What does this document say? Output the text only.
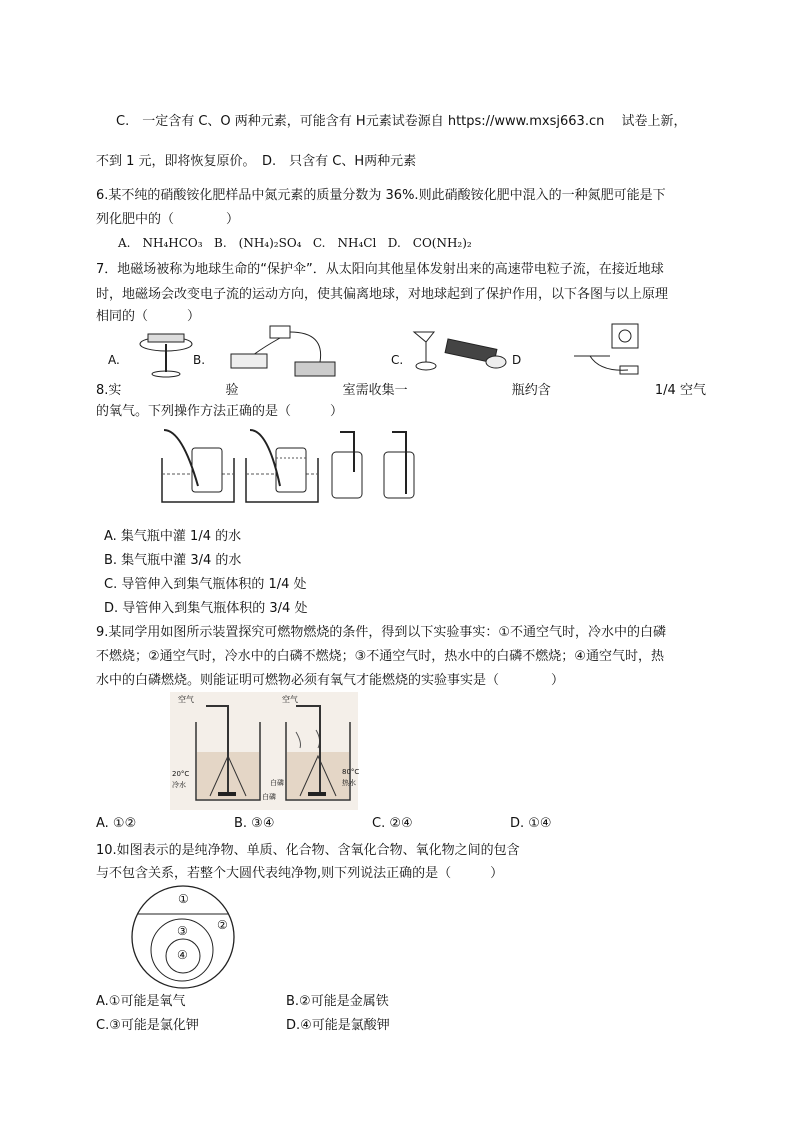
C.　一定含有 C、O 两种元素，可能含有 H元素试卷源自 https://www.mxsj663.cn　 试卷上新，
不到 1 元，即将恢复原价。　D.　只含有 C、H两种元素
6.某不纯的硝酸铵化肥样品中氮元素的质量分数为 36%.则此硝酸铵化肥中混入的一种氮肥可能是下
列化肥中的（　　　　）
A.　NH₄HCO₃ B.　(NH₄)₂SO₄ C.　NH₄Cl D.　CO(NH₂)₂
7．地磁场被称为地球生命的“保护伞”．从太阳向其他星体发射出来的高速带电粒子流，在接近地球
时，地磁场会改变电子流的运动方向，使其偏离地球，对地球起到了保护作用，以下各图与以上原理
相同的（　　　）
A.	B.	C.	D
8.实	验	室需收集一	瓶约含	1/4 空气
的氧气。下列操作方法正确的是（　　　）
A. 集气瓶中灌 1/4 的水
B. 集气瓶中灌 3/4 的水
C. 导管伸入到集气瓶体积的 1/4 处
D. 导管伸入到集气瓶体积的 3/4 处
9.某同学用如图所示装置探究可燃物燃烧的条件，得到以下实验事实：①不通空气时，冷水中的白磷
不燃烧；②通空气时，冷水中的白磷不燃烧；③不通空气时，热水中的白磷不燃烧；④通空气时，热
水中的白磷燃烧。则能证明可燃物必须有氧气才能燃烧的实验事实是（　　　　）
空气	空气
20°C
冷水
80°C
热水
白磷
白磷
A. ①②	B. ③④	C. ②④	D. ①④
10.如图表示的是纯净物、单质、化合物、含氧化合物、氧化物之间的包含
与不包含关系，若整个大圆代表纯净物,则下列说法正确的是（　　　）
①
②
③
④
A.①可能是氧气	B.②可能是金属铁
C.③可能是氯化钾	D.④可能是氯酸钾
